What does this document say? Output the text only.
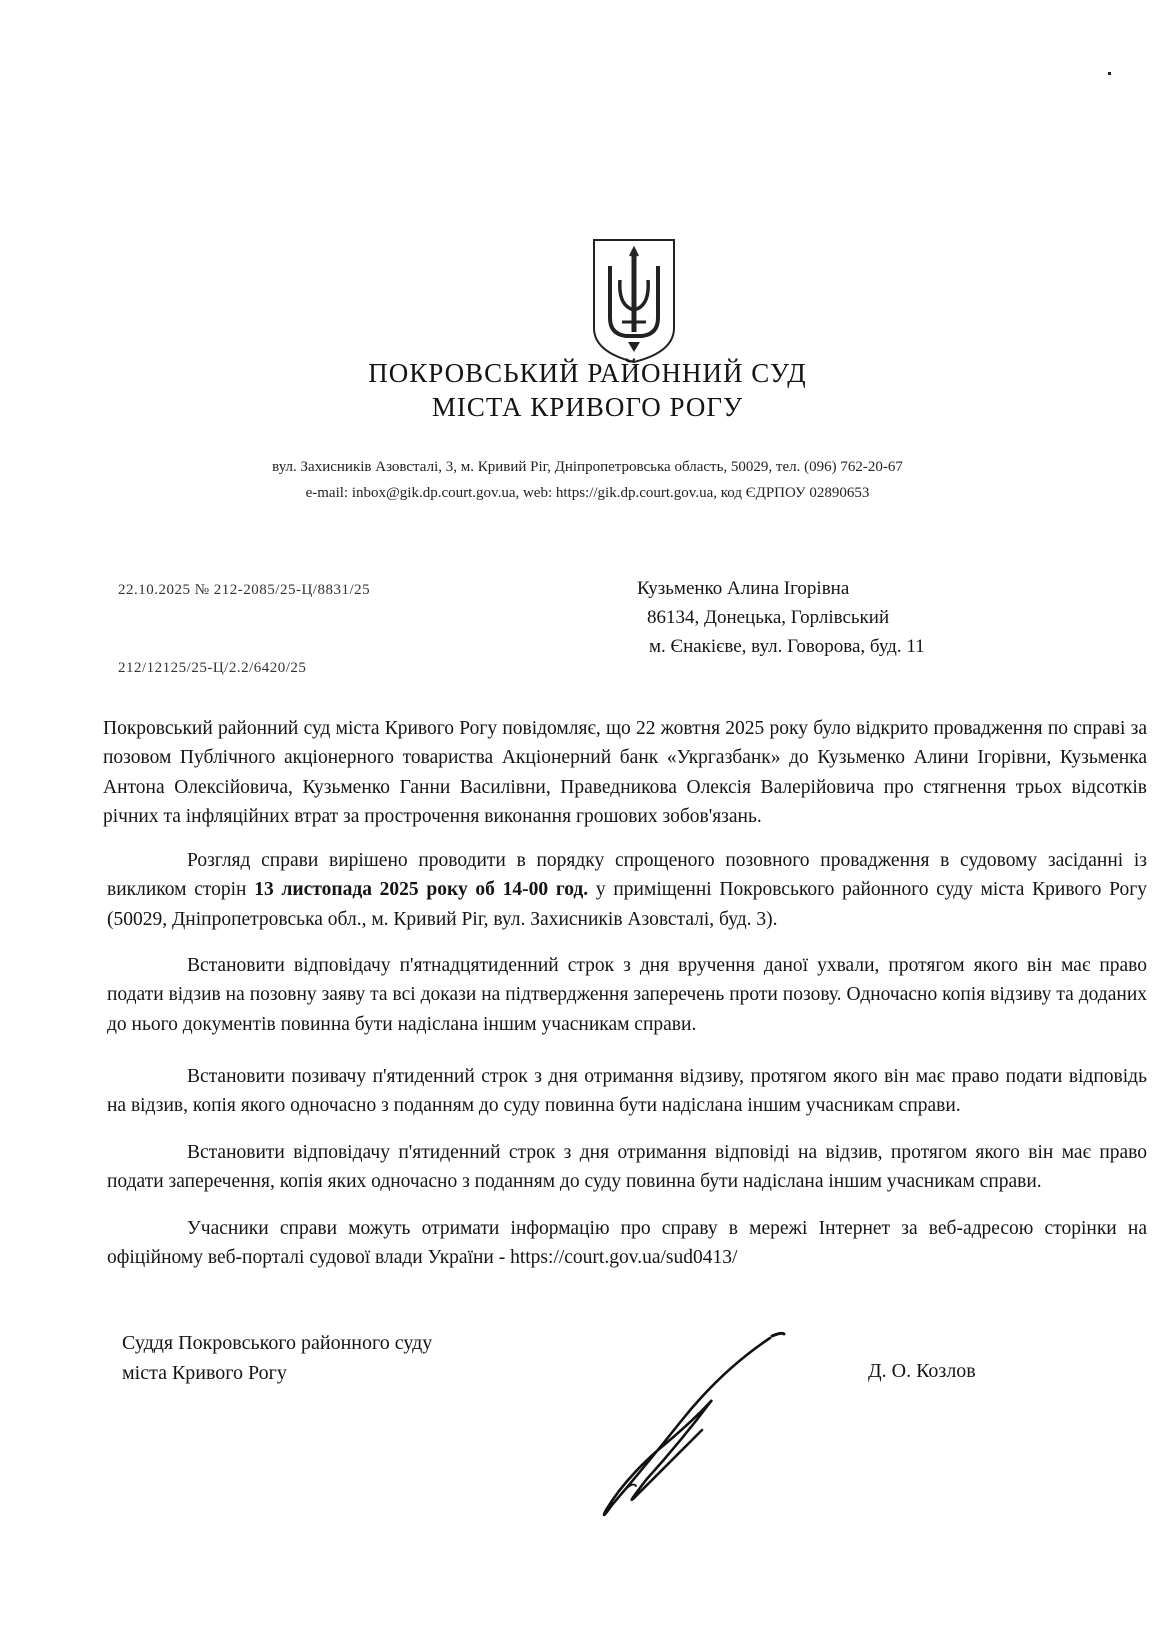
ПОКРОВСЬКИЙ РАЙОННИЙ СУД
МІСТА КРИВОГО РОГУ
вул. Захисників Азовсталі, 3, м. Кривий Ріг, Дніпропетровська область, 50029, тел. (096) 762-20-67
e-mail: inbox@gik.dp.court.gov.ua, web: https://gik.dp.court.gov.ua, код ЄДРПОУ 02890653
22.10.2025 № 212-2085/25-Ц/8831/25
212/12125/25-Ц/2.2/6420/25
Кузьменко Алина Ігорівна
86134, Донецька, Горлівський
м. Єнакієве, вул. Говорова, буд. 11

Покровський районний суд міста Кривого Рогу повідомляє, що 22 жовтня 2025 року було відкрито провадження по справі за позовом Публічного акціонерного товариства Акціонерний банк «Укргазбанк» до Кузьменко Алини Ігорівни, Кузьменка Антона Олексійовича, Кузьменко Ганни Василівни, Праведникова Олексія Валерійовича про стягнення трьох відсотків річних та інфляційних втрат за прострочення виконання грошових зобов'язань.

Розгляд справи вирішено проводити в порядку спрощеного позовного провадження в судовому засіданні із викликом сторін 13 листопада 2025 року об 14-00 год. у приміщенні Покровського районного суду міста Кривого Рогу (50029, Дніпропетровська обл., м. Кривий Ріг, вул. Захисників Азовсталі, буд. 3).

Встановити відповідачу п'ятнадцятиденний строк з дня вручення даної ухвали, протягом якого він має право подати відзив на позовну заяву та всі докази на підтвердження заперечень проти позову. Одночасно копія відзиву та доданих до нього документів повинна бути надіслана іншим учасникам справи.

Встановити позивачу п'ятиденний строк з дня отримання відзиву, протягом якого він має право подати відповідь на відзив, копія якого одночасно з поданням до суду повинна бути надіслана іншим учасникам справи.

Встановити відповідачу п'ятиденний строк з дня отримання відповіді на відзив, протягом якого він має право подати заперечення, копія яких одночасно з поданням до суду повинна бути надіслана іншим учасникам справи.

Учасники справи можуть отримати інформацію про справу в мережі Інтернет за веб-адресою сторінки на офіційному веб-порталі судової влади України - https://court.gov.ua/sud0413/

Суддя Покровського районного суду
міста Кривого Рогу	Д. О. Козлов
